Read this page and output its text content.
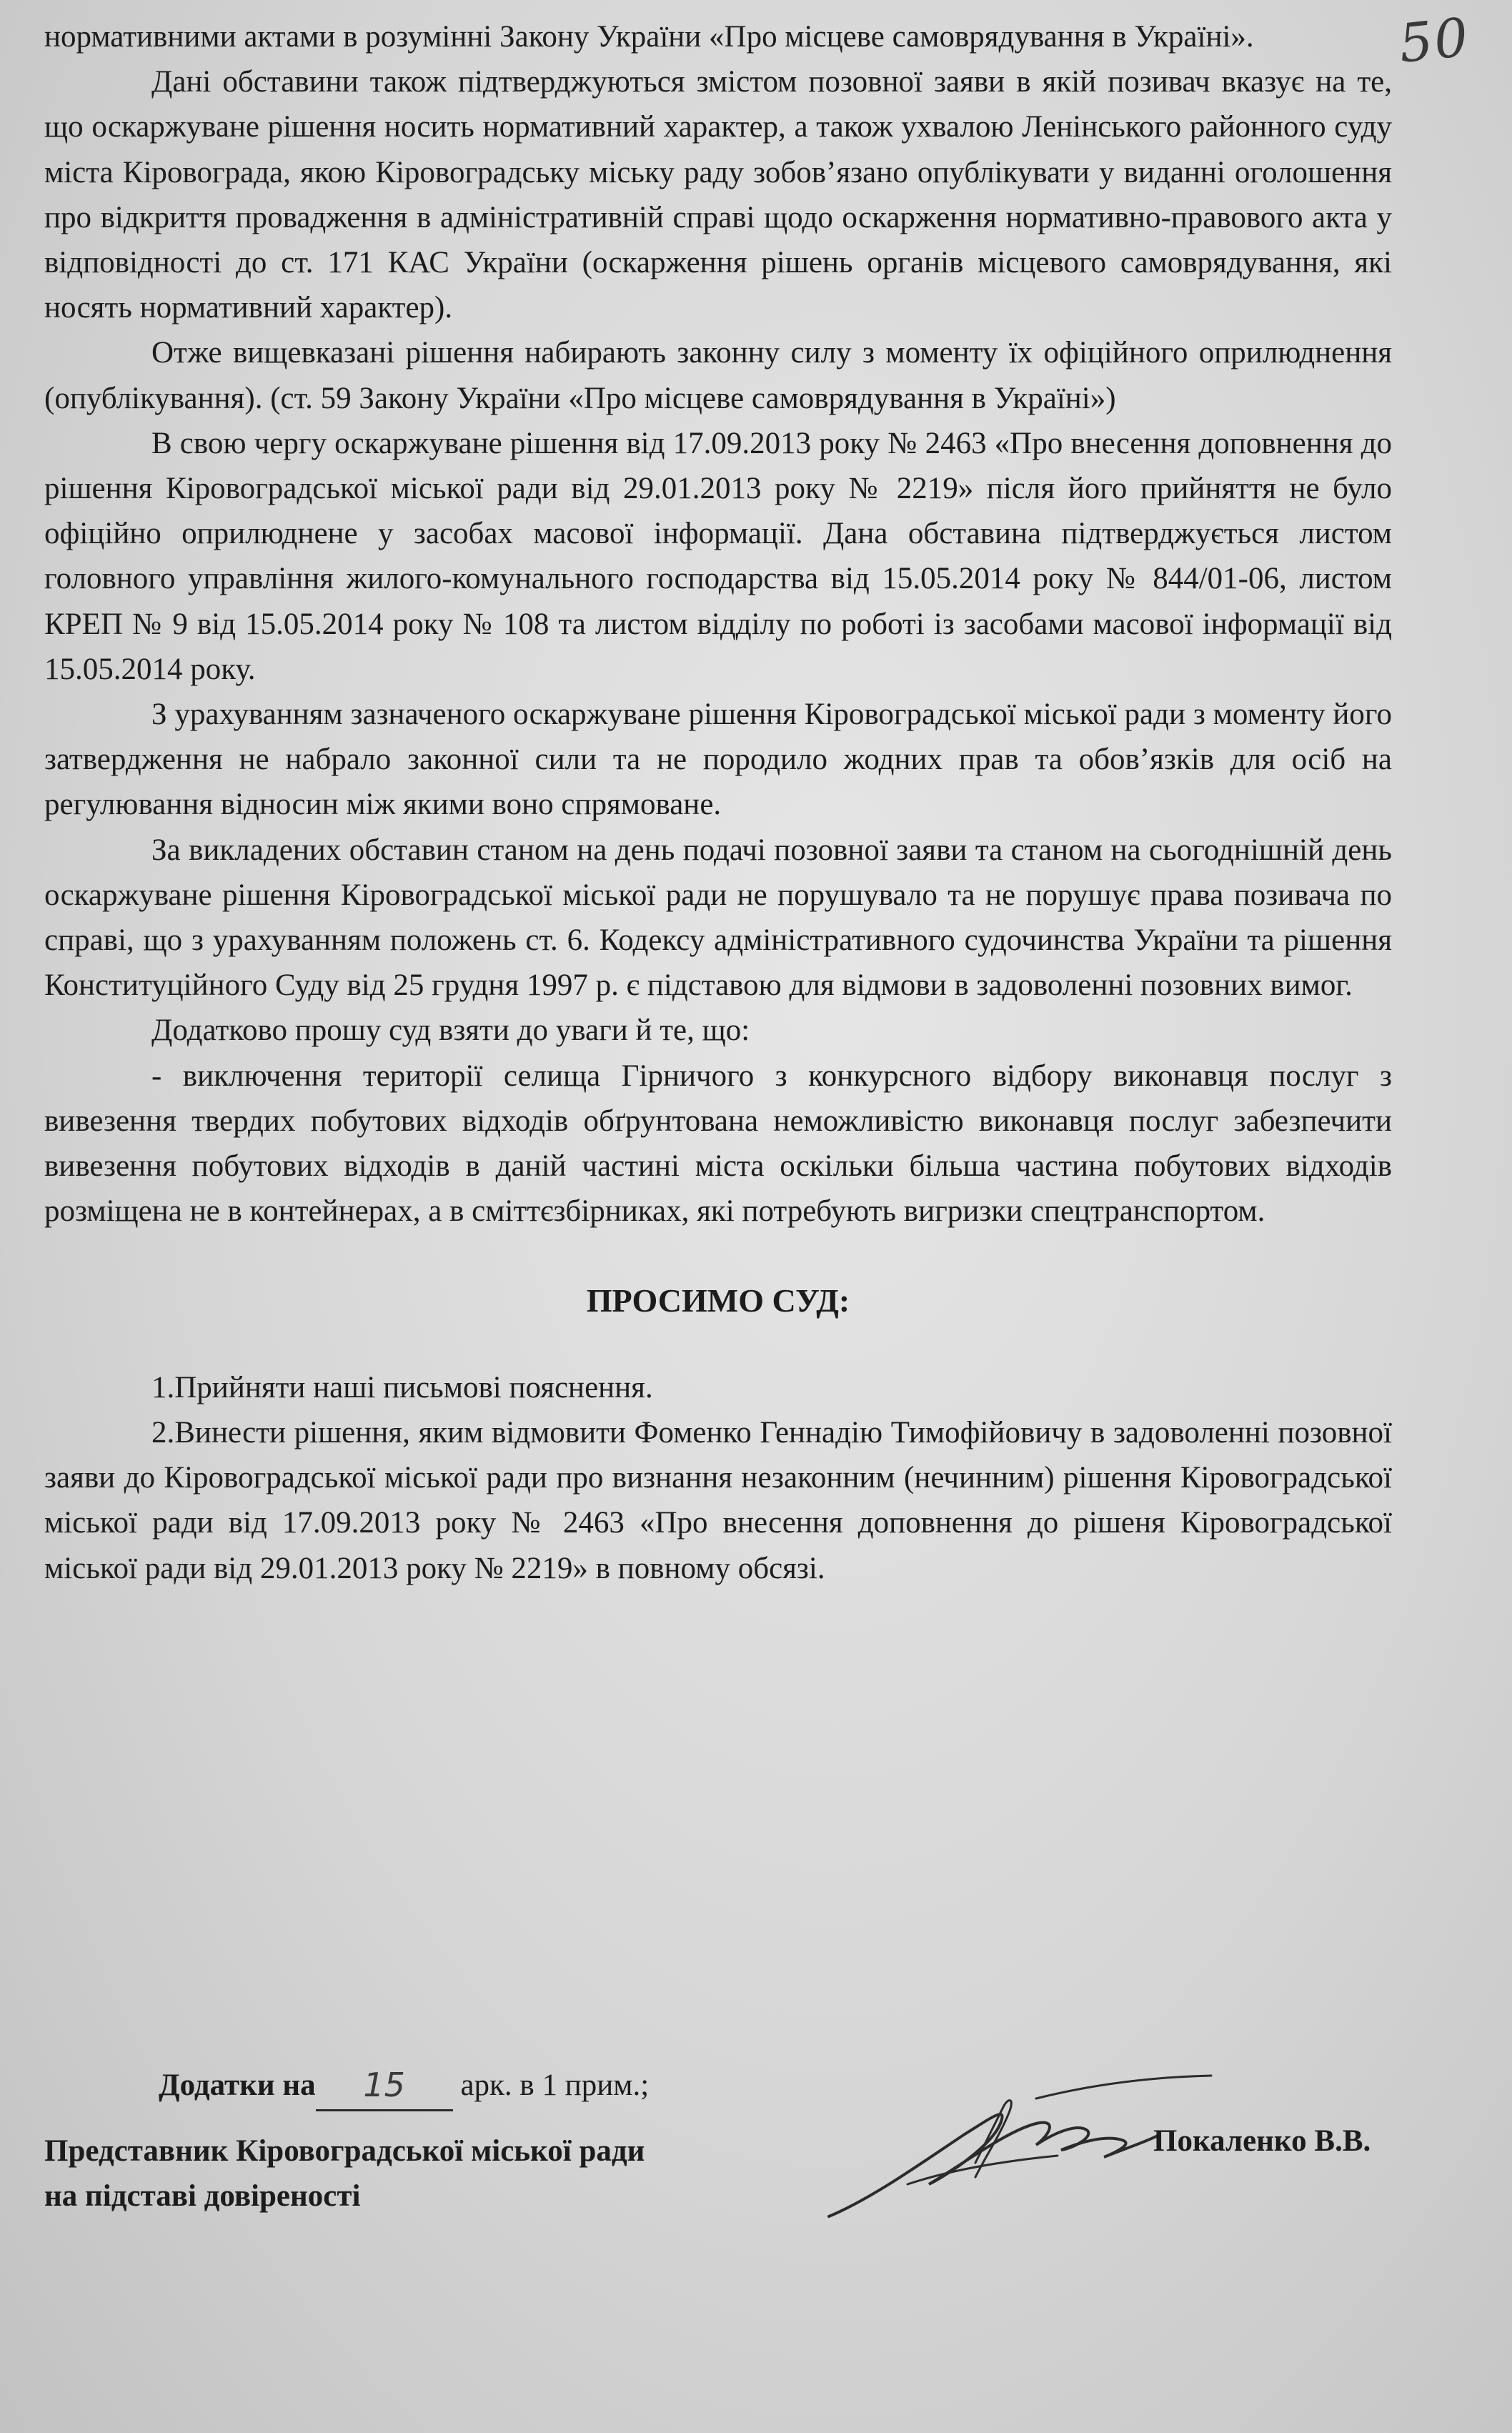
50

нормативними актами в розумінні Закону України «Про місцеве самоврядування в Україні».

Дані обставини також підтверджуються змістом позовної заяви в якій позивач вказує на те, що оскаржуване рішення носить нормативний характер, а також ухвалою Ленінського районного суду міста Кіровограда, якою Кіровоградську міську раду зобов’язано опублікувати у виданні оголошення про відкриття провадження в адміністративній справі щодо оскарження нормативно-правового акта у відповідності до ст. 171 КАС України (оскарження рішень органів місцевого самоврядування, які носять нормативний характер).

Отже вищевказані рішення набирають законну силу з моменту їх офіційного оприлюднення (опублікування). (ст. 59 Закону України «Про місцеве самоврядування в Україні»)

В свою чергу оскаржуване рішення від 17.09.2013 року № 2463 «Про внесення доповнення до рішення Кіровоградської міської ради від 29.01.2013 року № 2219» після його прийняття не було офіційно оприлюднене у засобах масової інформації. Дана обставина підтверджується листом головного управління жилого-комунального господарства від 15.05.2014 року № 844/01-06, листом КРЕП № 9 від 15.05.2014 року № 108 та листом відділу по роботі із засобами масової інформації від 15.05.2014 року.

З урахуванням зазначеного оскаржуване рішення Кіровоградської міської ради з моменту його затвердження не набрало законної сили та не породило жодних прав та обов’язків для осіб на регулювання відносин між якими воно спрямоване.

За викладених обставин станом на день подачі позовної заяви та станом на сьогоднішній день оскаржуване рішення Кіровоградської міської ради не порушувало та не порушує права позивача по справі, що з урахуванням положень ст. 6. Кодексу адміністративного судочинства України та рішення Конституційного Суду від 25 грудня 1997 р. є підставою для відмови в задоволенні позовних вимог.

Додатково прошу суд взяти до уваги й те, що:

- виключення території селища Гірничого з конкурсного відбору виконавця послуг з вивезення твердих побутових відходів обґрунтована неможливістю виконавця послуг забезпечити вивезення побутових відходів в даній частині міста оскільки більша частина побутових відходів розміщена не в контейнерах, а в сміттєзбірниках, які потребують вигризки спецтранспортом.

ПРОСИМО СУД:

1.Прийняти наші письмові пояснення.

2.Винести рішення, яким відмовити Фоменко Геннадію Тимофійовичу в задоволенні позовної заяви до Кіровоградської міської ради про визнання незаконним (нечинним) рішення Кіровоградської міської ради від 17.09.2013 року № 2463 «Про внесення доповнення до рішеня Кіровоградської міської ради від 29.01.2013 року № 2219» в повному обсязі.

Додатки на 15 арк. в 1 прим.;
Представник Кіровоградської міської ради
на підставі довіреності
Покаленко В.В.
